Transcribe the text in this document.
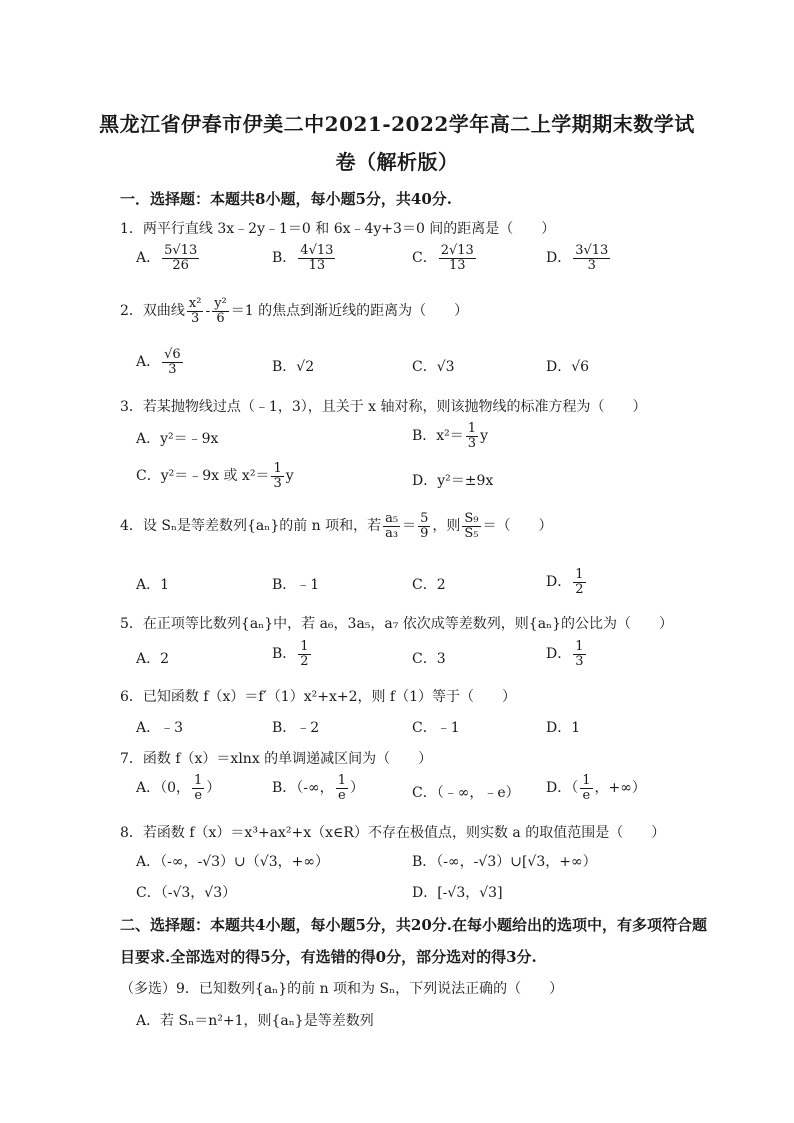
黑龙江省伊春市伊美二中2021-2022学年高二上学期期末数学试
卷（解析版）
一．选择题：本题共8小题，每小题5分，共40分.
1．两平行直线 3x﹣2y﹣1＝0 和 6x﹣4y+3＝0 间的距离是（　　）
A． $\frac{5√13}{26}$	B． $\frac{4√13}{13}$	C． $\frac{2√13}{13}$	D． $\frac{3√13}{3}$
2．双曲线 $\frac{\text{x²}}{3} - \frac{\text{y²}}{6} =1$ 的焦点到渐近线的距离为（　　）
A． $\frac{√6}{3}$	B．√2	C．√3	D．√6
3．若某抛物线过点（﹣1，3），且关于 x 轴对称，则该抛物线的标准方程为（　　）
A．y²＝﹣9x	B．$x^2= \frac{1}{3}$ y
C．y²＝﹣9x 或 $x^2= \frac{1}{3}$ y	D．y²＝±9x
4．设 Sₙ是等差数列{aₙ}的前 n 项和，若 $\frac{\text{a₅}}{\text{a₃}} = \frac{5}{9}$ ，则 $\frac{\text{S₉}}{\text{S₅}}$ ＝（　　）
A．1	B．﹣1	C．2	D． $\frac{1}{2}$
5．在正项等比数列{aₙ}中，若 a₆，3a₅，a₇ 依次成等差数列，则{aₙ}的公比为（　　）
A．2	B． $\frac{1}{2}$	C．3	D． $\frac{1}{3}$
6．已知函数 f（x）＝f′（1）x²+x+2，则 f（1）等于（　　）
A．﹣3	B．﹣2	C．﹣1	D．1
7．函数 f（x）＝xlnx 的单调递减区间为（　　）
A．（0， $\frac{1}{e}$ ）	B．（-∞， $\frac{1}{e}$ ）	C．（﹣∞，﹣e） D．（ $\frac{1}{e}$ ，+∞）
8．若函数 f（x）＝x³+ax²+x（x∈R）不存在极值点，则实数 a 的取值范围是（　　）
A．（-∞，-√3）∪（√3，+∞）	B．（-∞，-√3）∪[√3，+∞）
C．（-√3，√3）	D．[-√3，√3]
二、选择题：本题共4小题，每小题5分，共20分.在每小题给出的选项中，有多项符合题
目要求.全部选对的得5分，有选错的得0分，部分选对的得3分.
（多选）9．已知数列{aₙ}的前 n 项和为 Sₙ，下列说法正确的（　　）
A．若 Sₙ＝n²+1，则{aₙ}是等差数列
